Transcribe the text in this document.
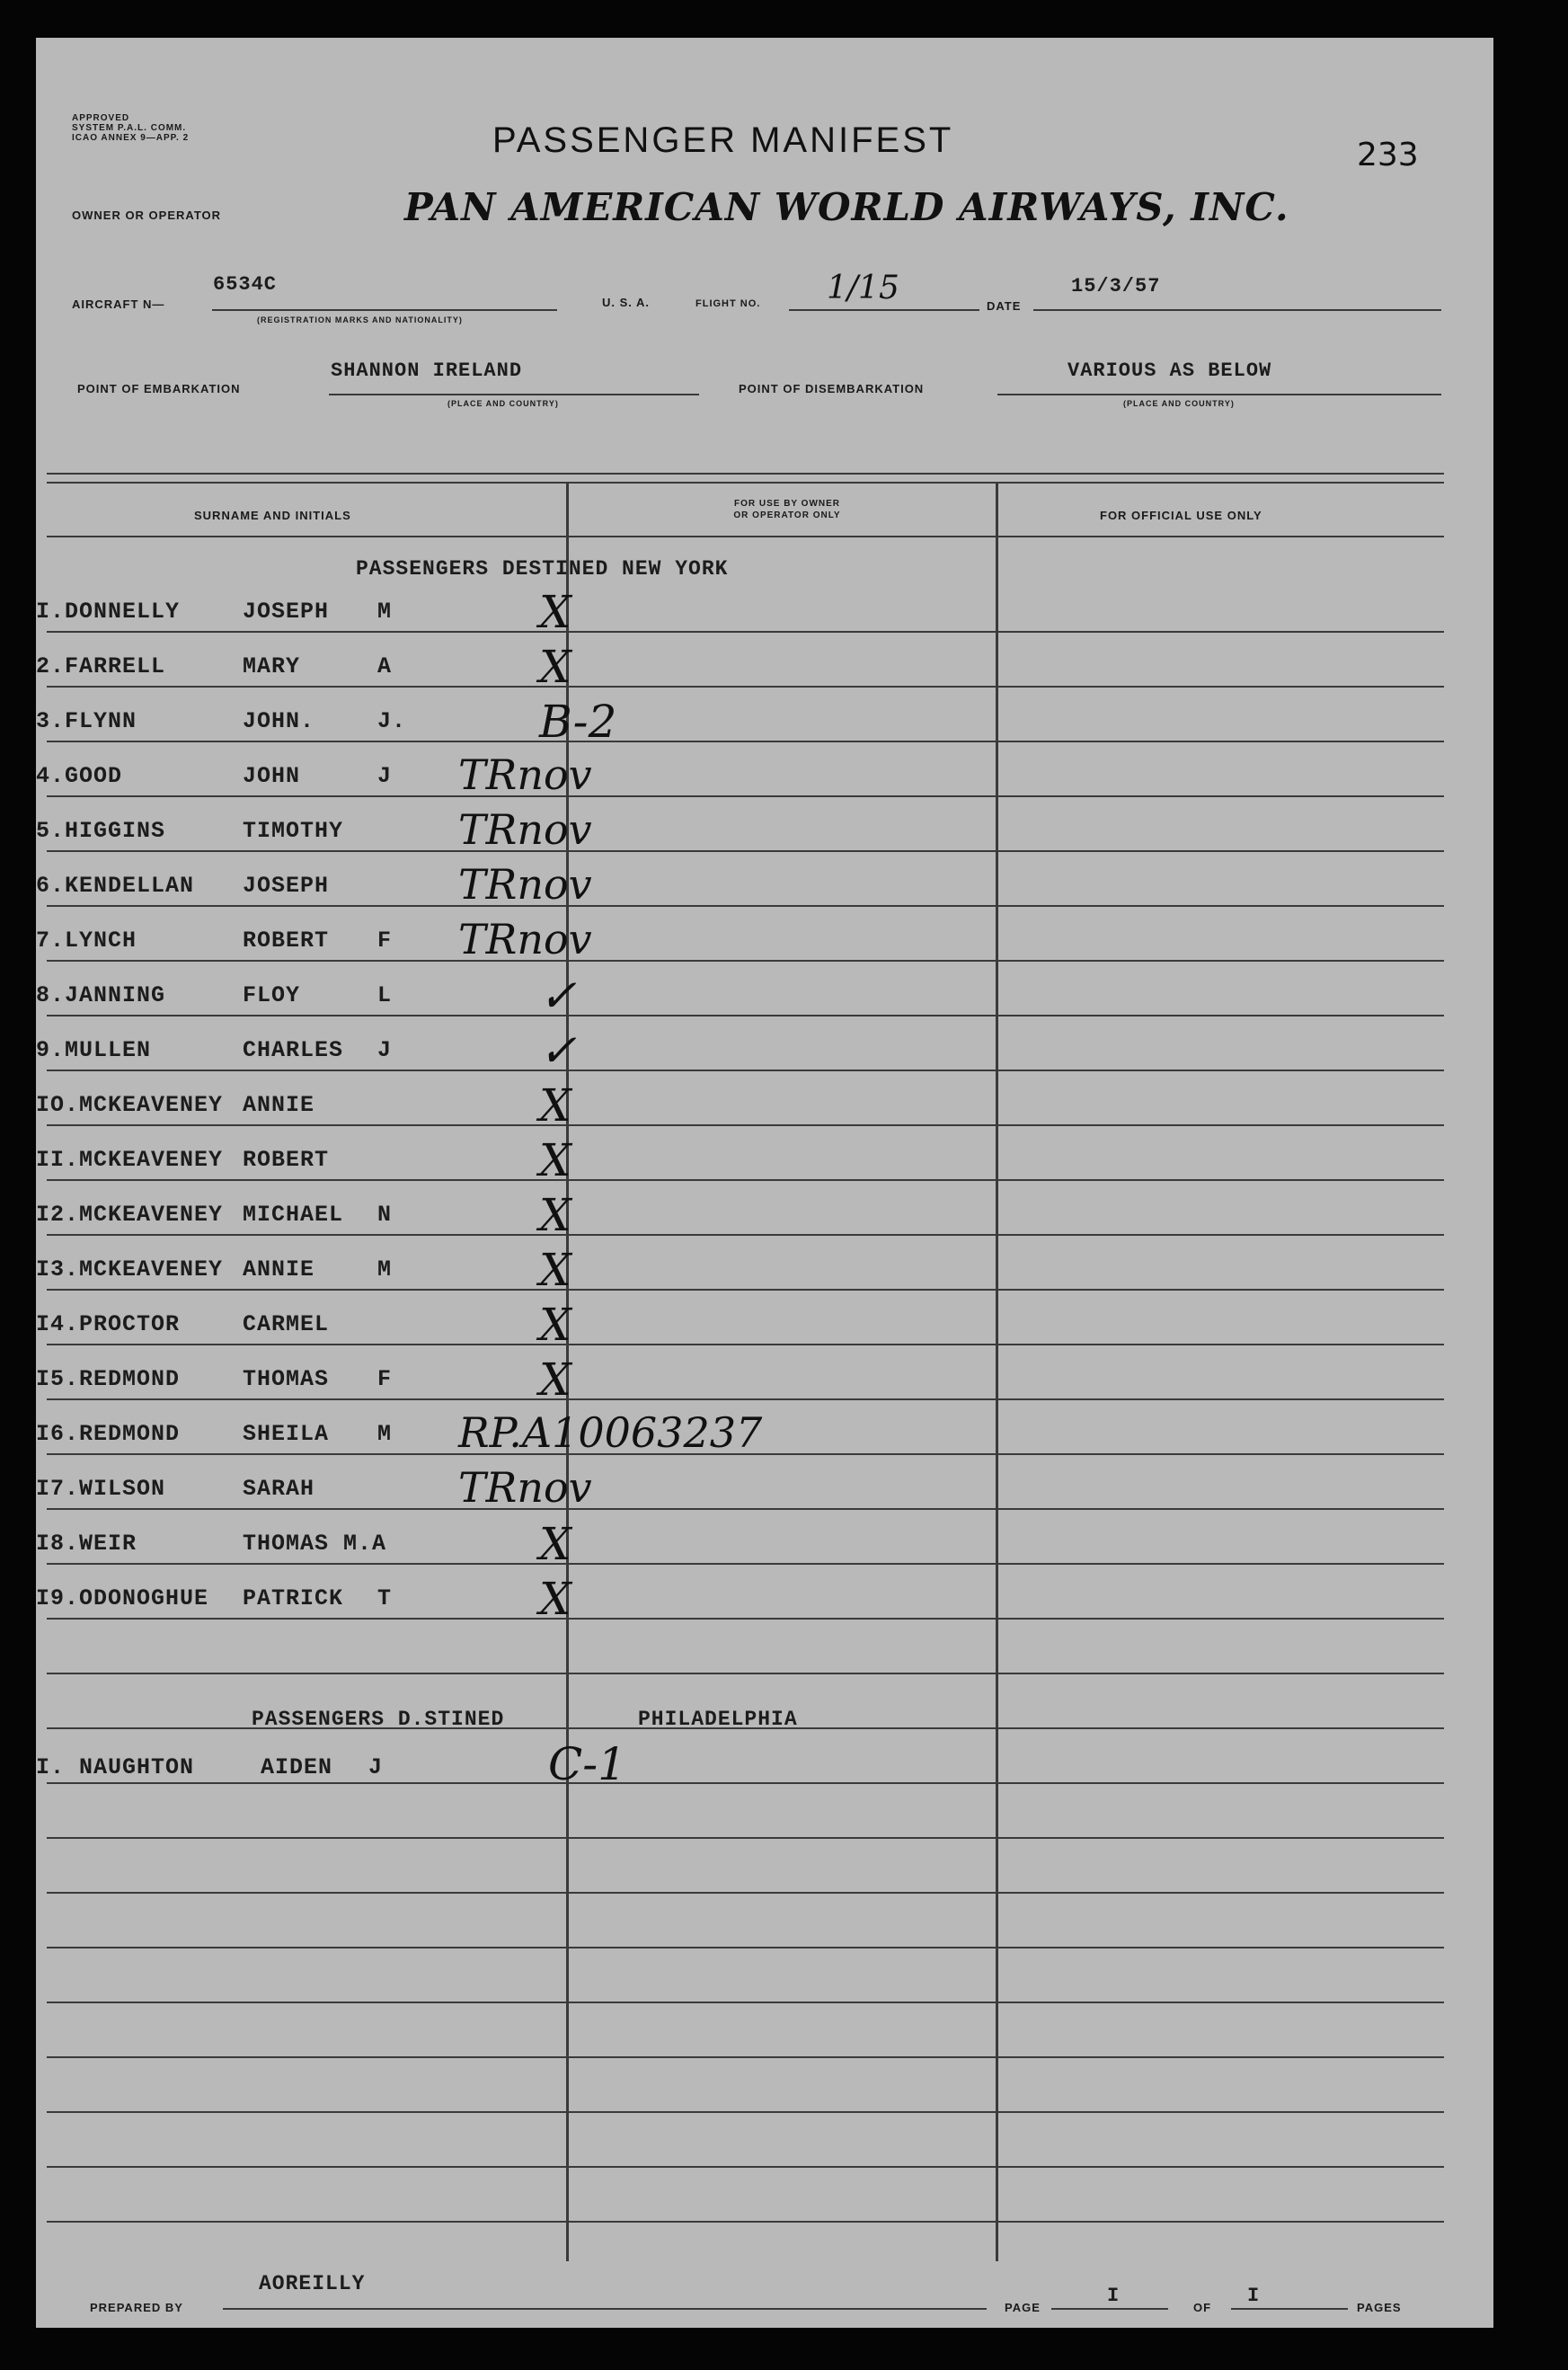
APPROVED
SYSTEM P.A.L. COMM.
ICAO ANNEX 9—APP. 2	PASSENGER MANIFEST	233
OWNER OR OPERATOR	PAN AMERICAN WORLD AIRWAYS, INC.
AIRCRAFT N—
6534C
(REGISTRATION MARKS AND NATIONALITY)
U. S. A.	FLIGHT NO. 1/15	DATE
15/3/57
POINT OF EMBARKATION
SHANNON IRELAND
(PLACE AND COUNTRY)
POINT OF DISEMBARKATION
VARIOUS AS BELOW
(PLACE AND COUNTRY)
SURNAME AND INITIALS
FOR USE BY OWNER
OR OPERATOR ONLY	FOR OFFICIAL USE ONLY
PASSENGERS DESTINED NEW YORK
I.DONNELLY	JOSEPH M	X
2.FARRELL	MARY	A	X
3.FLYNN	JOHN.	J.	B-2
4.GOOD	JOHN	J TRnov
5.HIGGINS	TIMOTHY	TRnov
6.KENDELLAN JOSEPH	TRnov
7.LYNCH	ROBERT F TRnov
8.JANNING	FLOY	L	✓
9.MULLEN	CHARLES J	✓
IO.MCKEAVENEY ANNIE	X
II.MCKEAVENEY ROBERT	X
I2.MCKEAVENEY MICHAEL N	X
I3.MCKEAVENEY ANNIE	M	X
I4.PROCTOR	CARMEL	X
I5.REDMOND	THOMAS F	X
I6.REDMOND	SHEILA M RP.A10063237
I7.WILSON	SARAH	TRnov
I8.WEIR	THOMAS M.A	X
I9.ODONOGHUE PATRICK T	X
PASSENGERS D.STINED	PHILADELPHIA
I. NAUGHTON	AIDEN J	C-1
PREPARED BY
AOREILLY
PAGE
I
OF
I
PAGES
